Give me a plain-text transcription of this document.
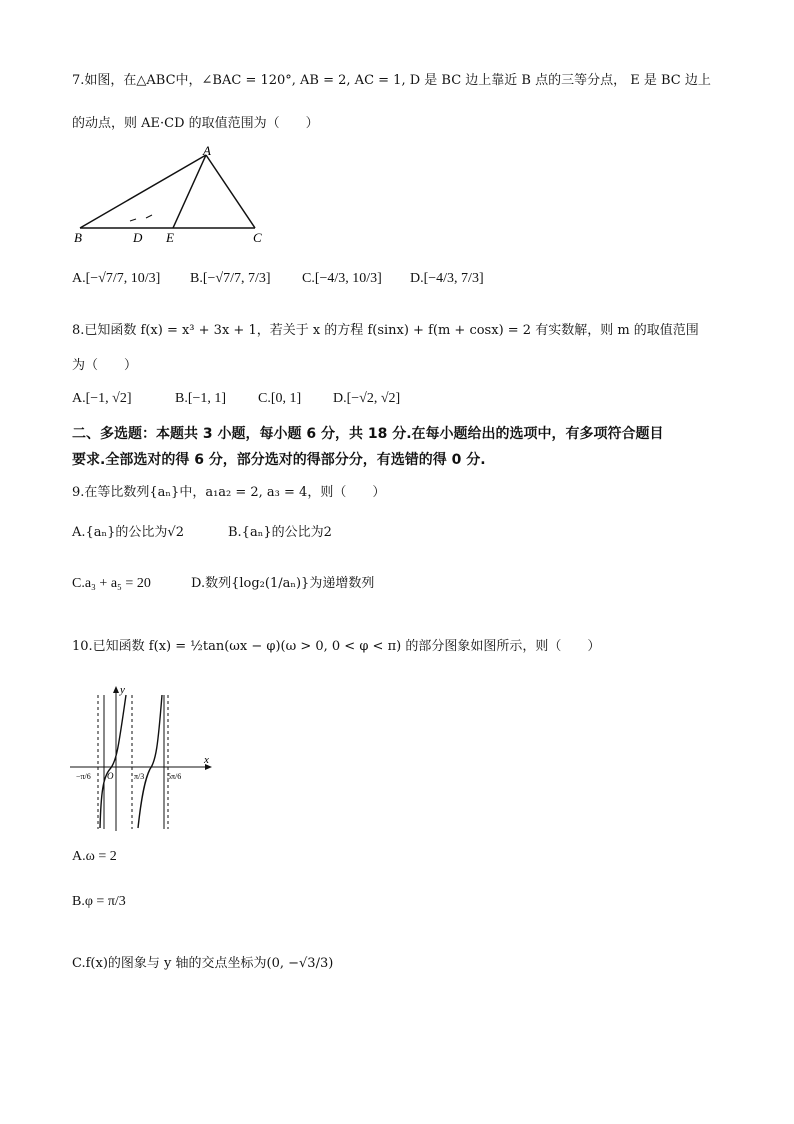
7.如图，在△ABC中，∠BAC = 120°, AB = 2, AC = 1, D 是 BC 边上靠近 B 点的三等分点， E 是 BC 边上
的动点，则 AE·CD 的取值范围为（　　）
A
B	C
D E
A.[−√7/7, 10/3] B.[−√7/7, 7/3] C.[−4/3, 10/3] D.[−4/3, 7/3]
8.已知函数 f(x) = x³ + 3x + 1，若关于 x 的方程 f(sinx) + f(m + cosx) = 2 有实数解，则 m 的取值范围
为（　　）
A.[−1, √2]	B.[−1, 1] C.[0, 1] D.[−√2, √2]
二、多选题：本题共 3 小题，每小题 6 分，共 18 分.在每小题给出的选项中，有多项符合题目
要求.全部选对的得 6 分，部分选对的得部分分，有选错的得 0 分.
9.在等比数列{aₙ}中，a₁a₂ = 2, a₃ = 4，则（　　）
A.{aₙ}的公比为√2	B.{aₙ}的公比为2
C.a₃ + a₅ = 20	D.数列{log₂(1/aₙ)}为递增数列
10.已知函数 f(x) = ½tan(ωx − φ)(ω > 0, 0 < φ < π) 的部分图象如图所示，则（　　）
y
x
O
−π/6	π/3	5π/6
A.ω = 2
B.φ = π/3
C.f(x)的图象与 y 轴的交点坐标为(0, −√3/3)
